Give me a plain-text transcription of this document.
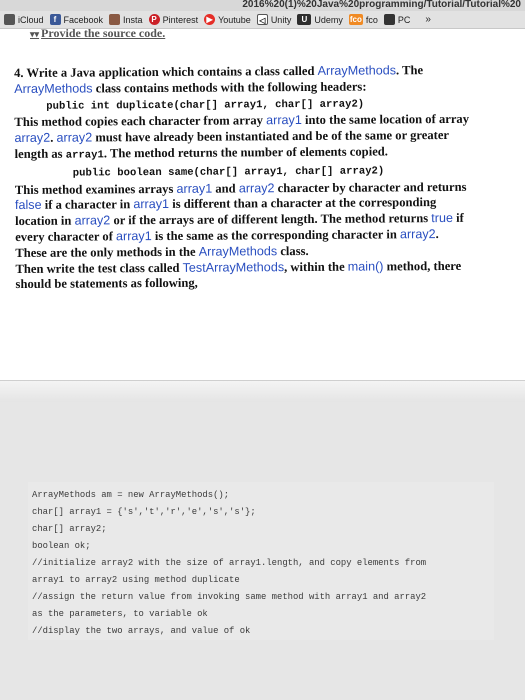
2016%20(1)%20Java%20programming/Tutorial/Tutorial%20
iCloud	f Facebook Insta	P Pinterest	▶ Youtube	◁ Unity	U Udemy fco fco PC »
▾▾ Provide the source code.

4. Write a Java application which contains a class called ArrayMethods. The

ArrayMethods class contains methods with the following headers:

public int duplicate(char[] array1, char[] array2)

This method copies each character from array array1 into the same location of array

array2. array2 must have already been instantiated and be of the same or greater

length as array1. The method returns the number of elements copied.

public boolean same(char[] array1, char[] array2)

This method examines arrays array1 and array2 character by character and returns

false if a character in array1 is different than a character at the corresponding

location in array2 or if the arrays are of different length. The method returns true if

every character of array1 is the same as the corresponding character in array2.

These are the only methods in the ArrayMethods class.

Then write the test class called TestArrayMethods, within the main() method, there

should be statements as following,

ArrayMethods am = new ArrayMethods();
char[] array1 = {'s','t','r','e','s','s'};
char[] array2;
boolean ok;
//initialize array2 with the size of array1.length, and copy elements from
array1 to array2 using method duplicate
//assign the return value from invoking same method with array1 and array2
as the parameters, to variable ok
//display the two arrays, and value of ok
